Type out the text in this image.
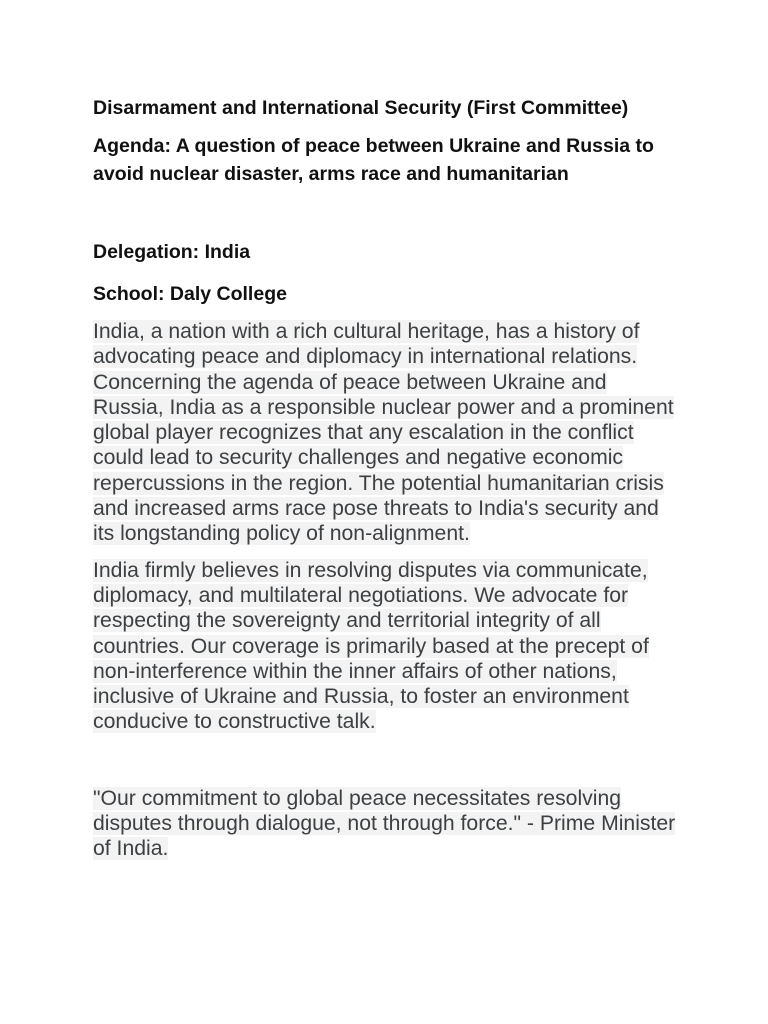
Disarmament and International Security (First Committee)

Agenda: A question of peace between Ukraine and Russia to avoid nuclear disaster, arms race and humanitarian

Delegation: India

School: Daly College

India, a nation with a rich cultural heritage, has a history of advocating peace and diplomacy in international relations. Concerning the agenda of peace between Ukraine and Russia, India as a responsible nuclear power and a prominent global player recognizes that any escalation in the conflict could lead to security challenges and negative economic repercussions in the region. The potential humanitarian crisis and increased arms race pose threats to India's security and its longstanding policy of non-alignment.

India firmly believes in resolving disputes via communicate, diplomacy, and multilateral negotiations. We advocate for respecting the sovereignty and territorial integrity of all countries. Our coverage is primarily based at the precept of non-interference within the inner affairs of other nations, inclusive of Ukraine and Russia, to foster an environment conducive to constructive talk.

"Our commitment to global peace necessitates resolving disputes through dialogue, not through force." - Prime Minister of India.
